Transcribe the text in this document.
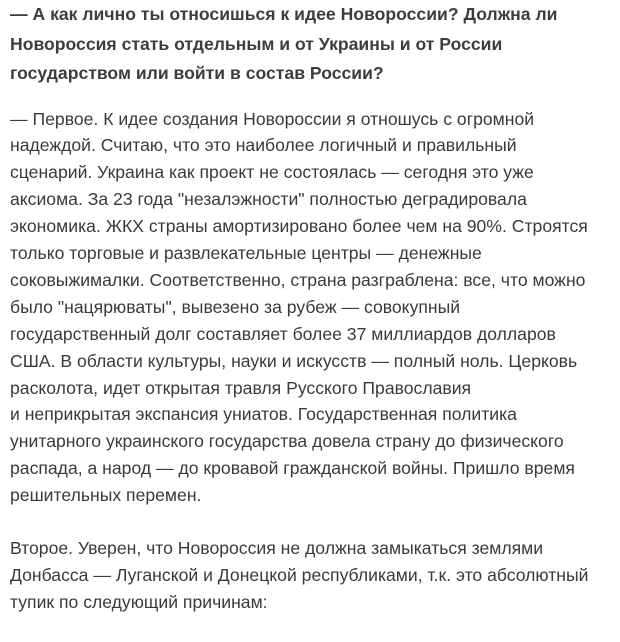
— А как лично ты относишься к идее Новороссии? Должна ли
Новороссия стать отдельным и от Украины и от России
государством или войти в состав России?

— Первое. К идее создания Новороссии я отношусь с огромной
надеждой. Считаю, что это наиболее логичный и правильный
сценарий. Украина как проект не состоялась — сегодня это уже
аксиома. За 23 года "незалэжности" полностью деградировала
экономика. ЖКХ страны амортизировано более чем на 90%. Строятся
только торговые и развлекательные центры — денежные
соковыжималки. Соответственно, страна разграблена: все, что можно
было "нацярюваты", вывезено за рубеж — совокупный
государственный долг составляет более 37 миллиардов долларов
США. В области культуры, науки и искусств — полный ноль. Церковь
расколота, идет открытая травля Русского Православия
и неприкрытая экспансия униатов. Государственная политика
унитарного украинского государства довела страну до физического
распада, а народ — до кровавой гражданской войны. Пришло время
решительных перемен.

Второе. Уверен, что Новороссия не должна замыкаться землями
Донбасса — Луганской и Донецкой республиками, т.к. это абсолютный
тупик по следующий причинам:
